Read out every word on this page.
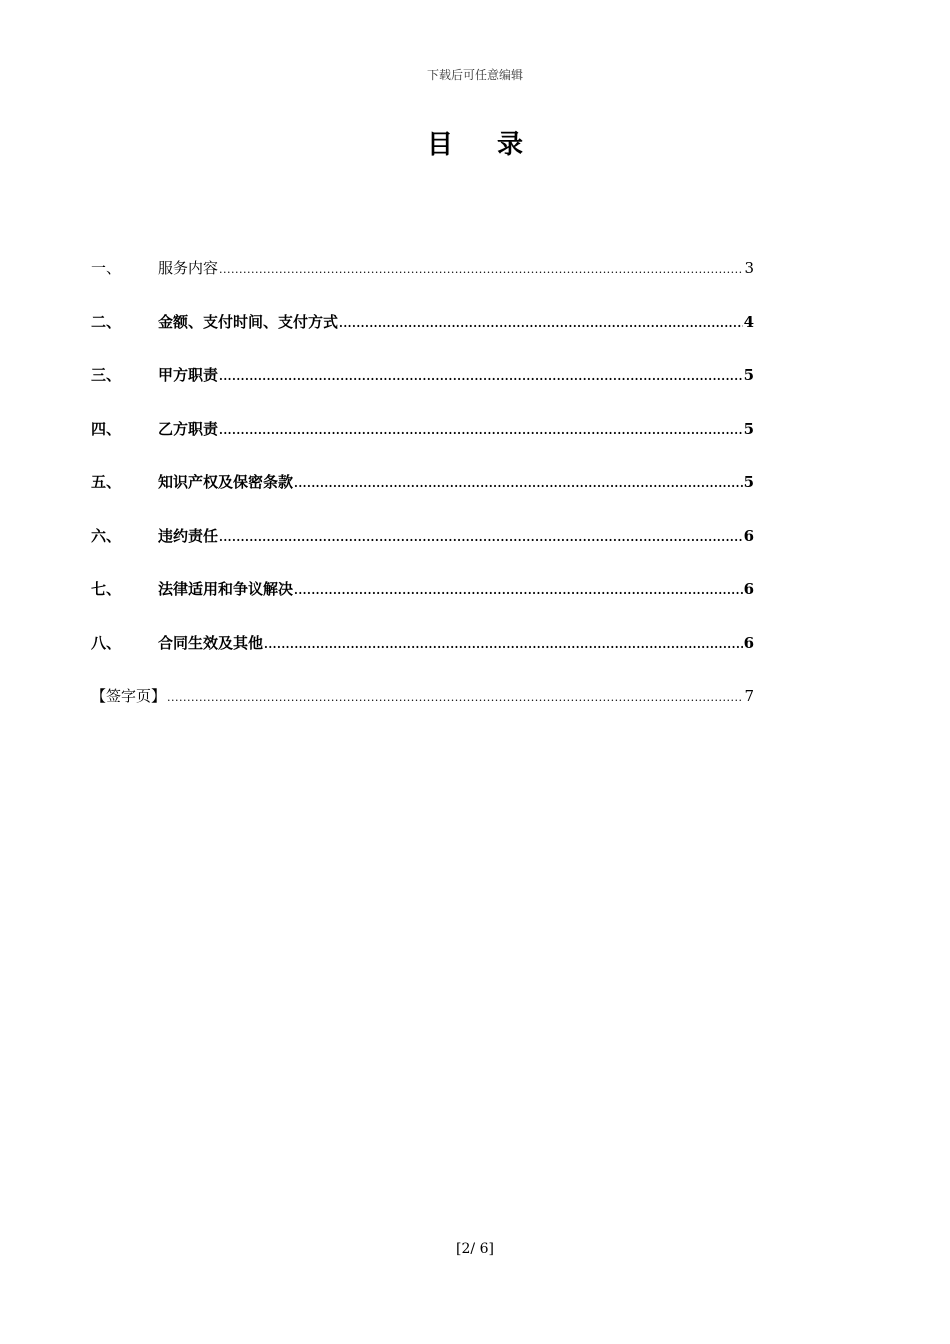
下载后可任意编辑
目录
一、	服务内容 .....	3
二、	金额、支付时间、支付方式 .....	4
三、	甲方职责 .....	5
四、	乙方职责 .....	5
五、	知识产权及保密条款 .....	5
六、	违约责任 .....	6
七、	法律适用和争议解决 .....	6
八、	合同生效及其他 .....	6
【签字页】 .....	7
[2/ 6]
